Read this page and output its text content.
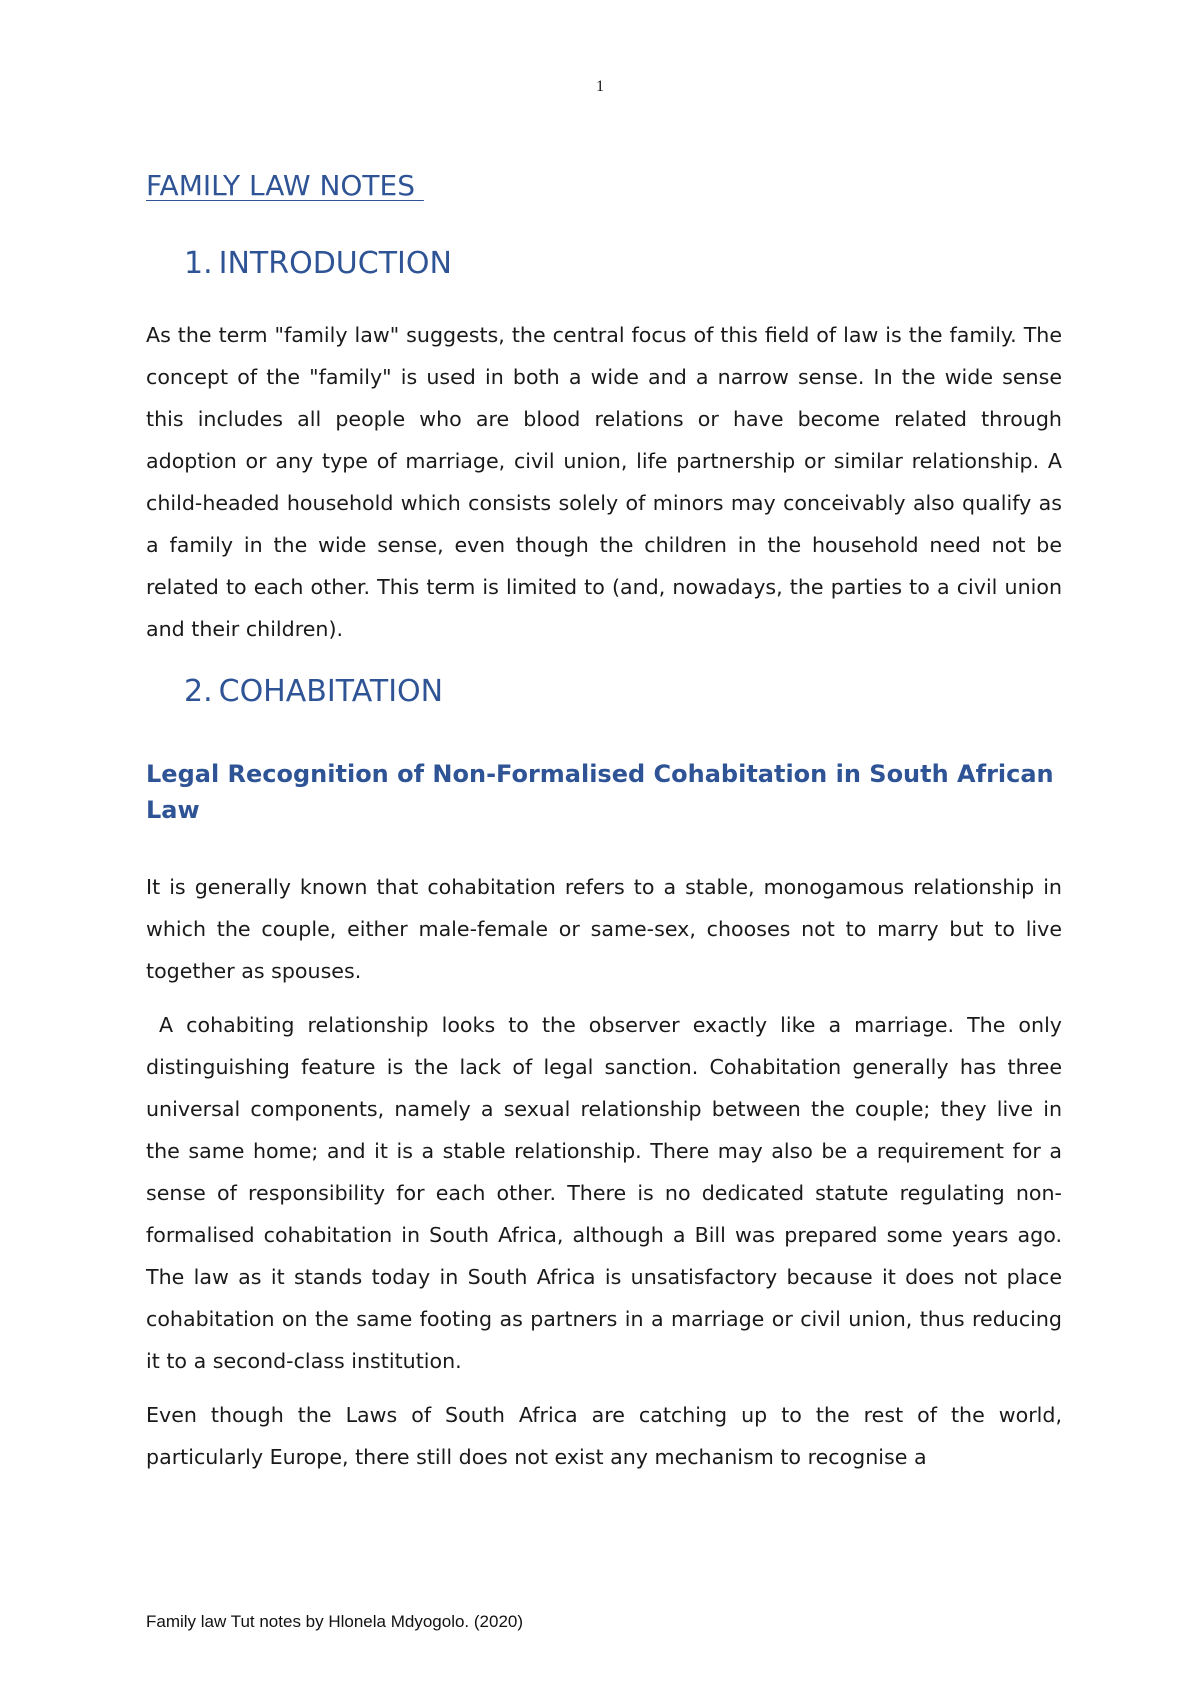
1
FAMILY LAW NOTES
1. INTRODUCTION

As the term "family law" suggests, the central focus of this field of law is the family. The concept of the "family" is used in both a wide and a narrow sense. In the wide sense this includes all people who are blood relations or have become related through adoption or any type of marriage, civil union, life partnership or similar relationship. A child-headed household which consists solely of minors may conceivably also qualify as a family in the wide sense, even though the children in the household need not be related to each other. This term is limited to (and, nowadays, the parties to a civil union and their children).

2. COHABITATION
Legal Recognition of Non-Formalised Cohabitation in South African Law

It is generally known that cohabitation refers to a stable, monogamous relationship in which the couple, either male-female or same-sex, chooses not to marry but to live together as spouses.

A cohabiting relationship looks to the observer exactly like a marriage. The only distinguishing feature is the lack of legal sanction. Cohabitation generally has three universal components, namely a sexual relationship between the couple; they live in the same home; and it is a stable relationship. There may also be a requirement for a sense of responsibility for each other. There is no dedicated statute regulating non-formalised cohabitation in South Africa, although a Bill was prepared some years ago. The law as it stands today in South Africa is unsatisfactory because it does not place cohabitation on the same footing as partners in a marriage or civil union, thus reducing it to a second-class institution.

Even though the Laws of South Africa are catching up to the rest of the world, particularly Europe, there still does not exist any mechanism to recognise a

Family law Tut notes by Hlonela Mdyogolo. (2020)
